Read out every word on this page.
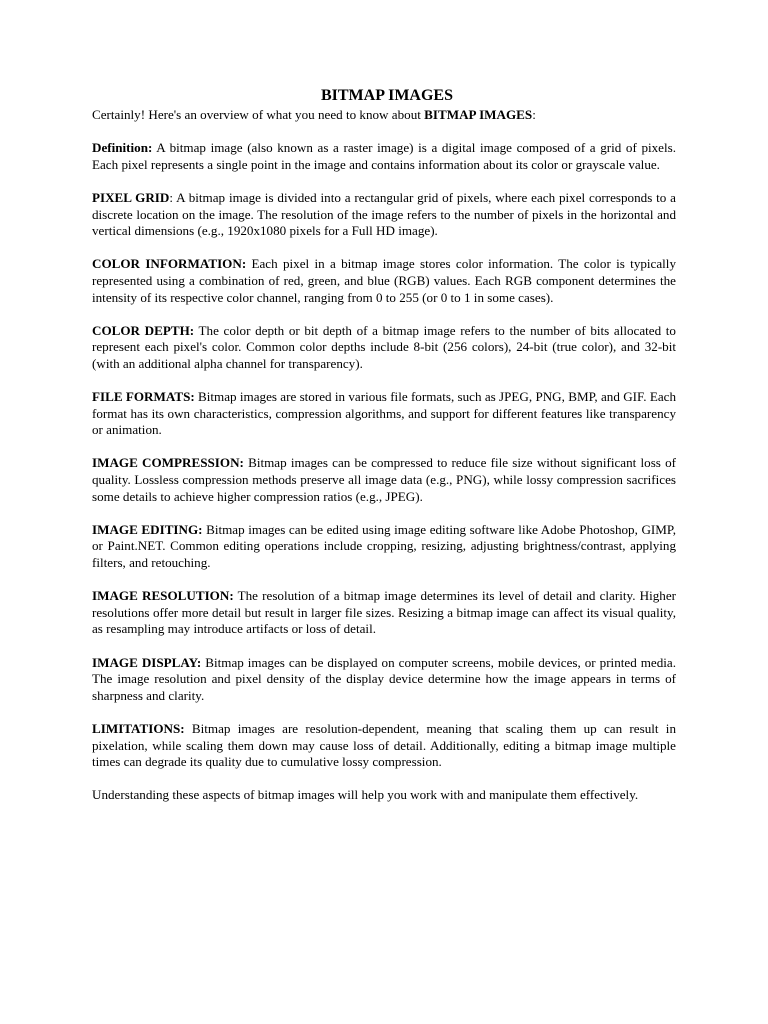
BITMAP IMAGES

Certainly! Here's an overview of what you need to know about BITMAP IMAGES:

Definition: A bitmap image (also known as a raster image) is a digital image composed of a grid of pixels. Each pixel represents a single point in the image and contains information about its color or grayscale value.

PIXEL GRID: A bitmap image is divided into a rectangular grid of pixels, where each pixel corresponds to a discrete location on the image. The resolution of the image refers to the number of pixels in the horizontal and vertical dimensions (e.g., 1920x1080 pixels for a Full HD image).

COLOR INFORMATION: Each pixel in a bitmap image stores color information. The color is typically represented using a combination of red, green, and blue (RGB) values. Each RGB component determines the intensity of its respective color channel, ranging from 0 to 255 (or 0 to 1 in some cases).

COLOR DEPTH: The color depth or bit depth of a bitmap image refers to the number of bits allocated to represent each pixel's color. Common color depths include 8-bit (256 colors), 24-bit (true color), and 32-bit (with an additional alpha channel for transparency).

FILE FORMATS: Bitmap images are stored in various file formats, such as JPEG, PNG, BMP, and GIF. Each format has its own characteristics, compression algorithms, and support for different features like transparency or animation.

IMAGE COMPRESSION: Bitmap images can be compressed to reduce file size without significant loss of quality. Lossless compression methods preserve all image data (e.g., PNG), while lossy compression sacrifices some details to achieve higher compression ratios (e.g., JPEG).

IMAGE EDITING: Bitmap images can be edited using image editing software like Adobe Photoshop, GIMP, or Paint.NET. Common editing operations include cropping, resizing, adjusting brightness/contrast, applying filters, and retouching.

IMAGE RESOLUTION: The resolution of a bitmap image determines its level of detail and clarity. Higher resolutions offer more detail but result in larger file sizes. Resizing a bitmap image can affect its visual quality, as resampling may introduce artifacts or loss of detail.

IMAGE DISPLAY: Bitmap images can be displayed on computer screens, mobile devices, or printed media. The image resolution and pixel density of the display device determine how the image appears in terms of sharpness and clarity.

LIMITATIONS: Bitmap images are resolution-dependent, meaning that scaling them up can result in pixelation, while scaling them down may cause loss of detail. Additionally, editing a bitmap image multiple times can degrade its quality due to cumulative lossy compression.

Understanding these aspects of bitmap images will help you work with and manipulate them effectively.
